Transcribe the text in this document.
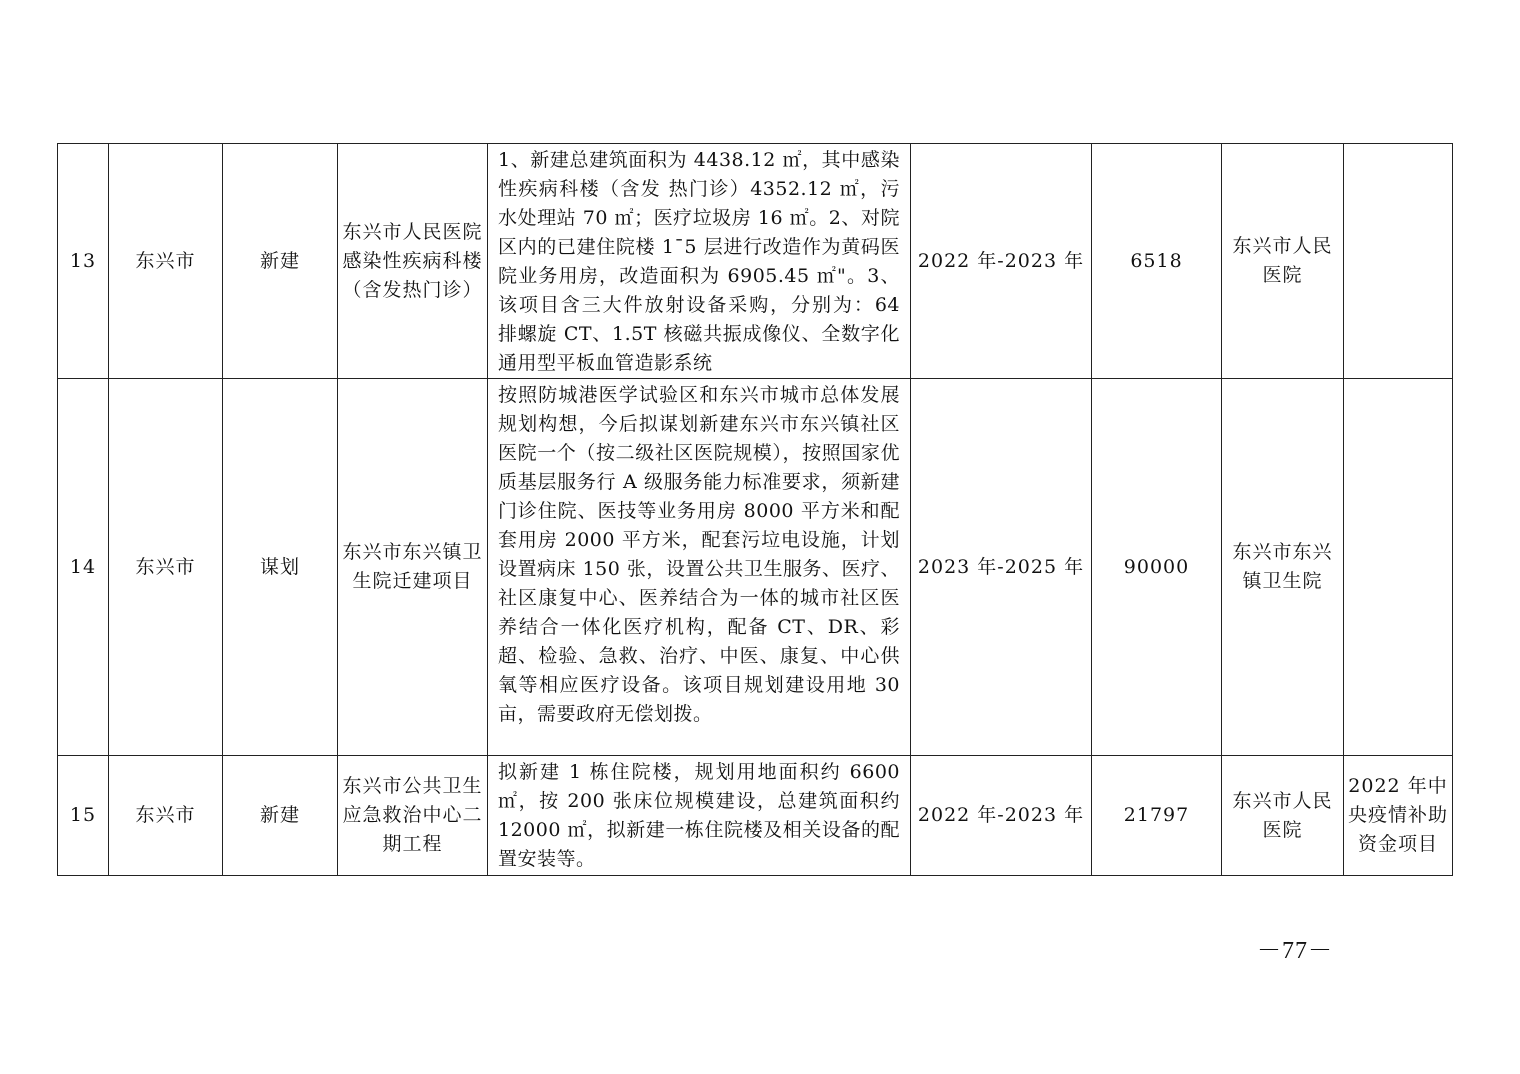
13	东兴市	新建	东兴市人民医院感染性疾病科楼（含发热门诊）	1、新建总建筑面积为 4438.12 ㎡，其中感染性疾病科楼（含发 热门诊）4352.12 ㎡，污水处理站 70 ㎡；医疗垃圾房 16 ㎡。2、对院区内的已建住院楼 1¯5 层进行改造作为黄码医院业务用房，改造面积为 6905.45 ㎡"。3、该项目含三大件放射设备采购，分别为：64 排螺旋 CT、1.5T 核磁共振成像仪、全数字化通用型平板血管造影系统	2022 年-2023 年	6518	东兴市人民医院	
14	东兴市	谋划	东兴市东兴镇卫生院迁建项目	按照防城港医学试验区和东兴市城市总体发展规划构想，今后拟谋划新建东兴市东兴镇社区医院一个（按二级社区医院规模），按照国家优质基层服务行 A 级服务能力标准要求，须新建门诊住院、医技等业务用房 8000 平方米和配套用房 2000 平方米，配套污垃电设施，计划设置病床 150 张，设置公共卫生服务、医疗、社区康复中心、医养结合为一体的城市社区医养结合一体化医疗机构，配备 CT、DR、彩超、检验、急救、治疗、中医、康复、中心供氧等相应医疗设备。该项目规划建设用地 30 亩，需要政府无偿划拨。	2023 年-2025 年	90000	东兴市东兴镇卫生院	
15	东兴市	新建	东兴市公共卫生应急救治中心二期工程	拟新建 1 栋住院楼，规划用地面积约 6600 ㎡，按 200 张床位规模建设，总建筑面积约 12000 ㎡，拟新建一栋住院楼及相关设备的配置安装等。	2022 年-2023 年	21797	东兴市人民医院	2022 年中央疫情补助资金项目
－77－
